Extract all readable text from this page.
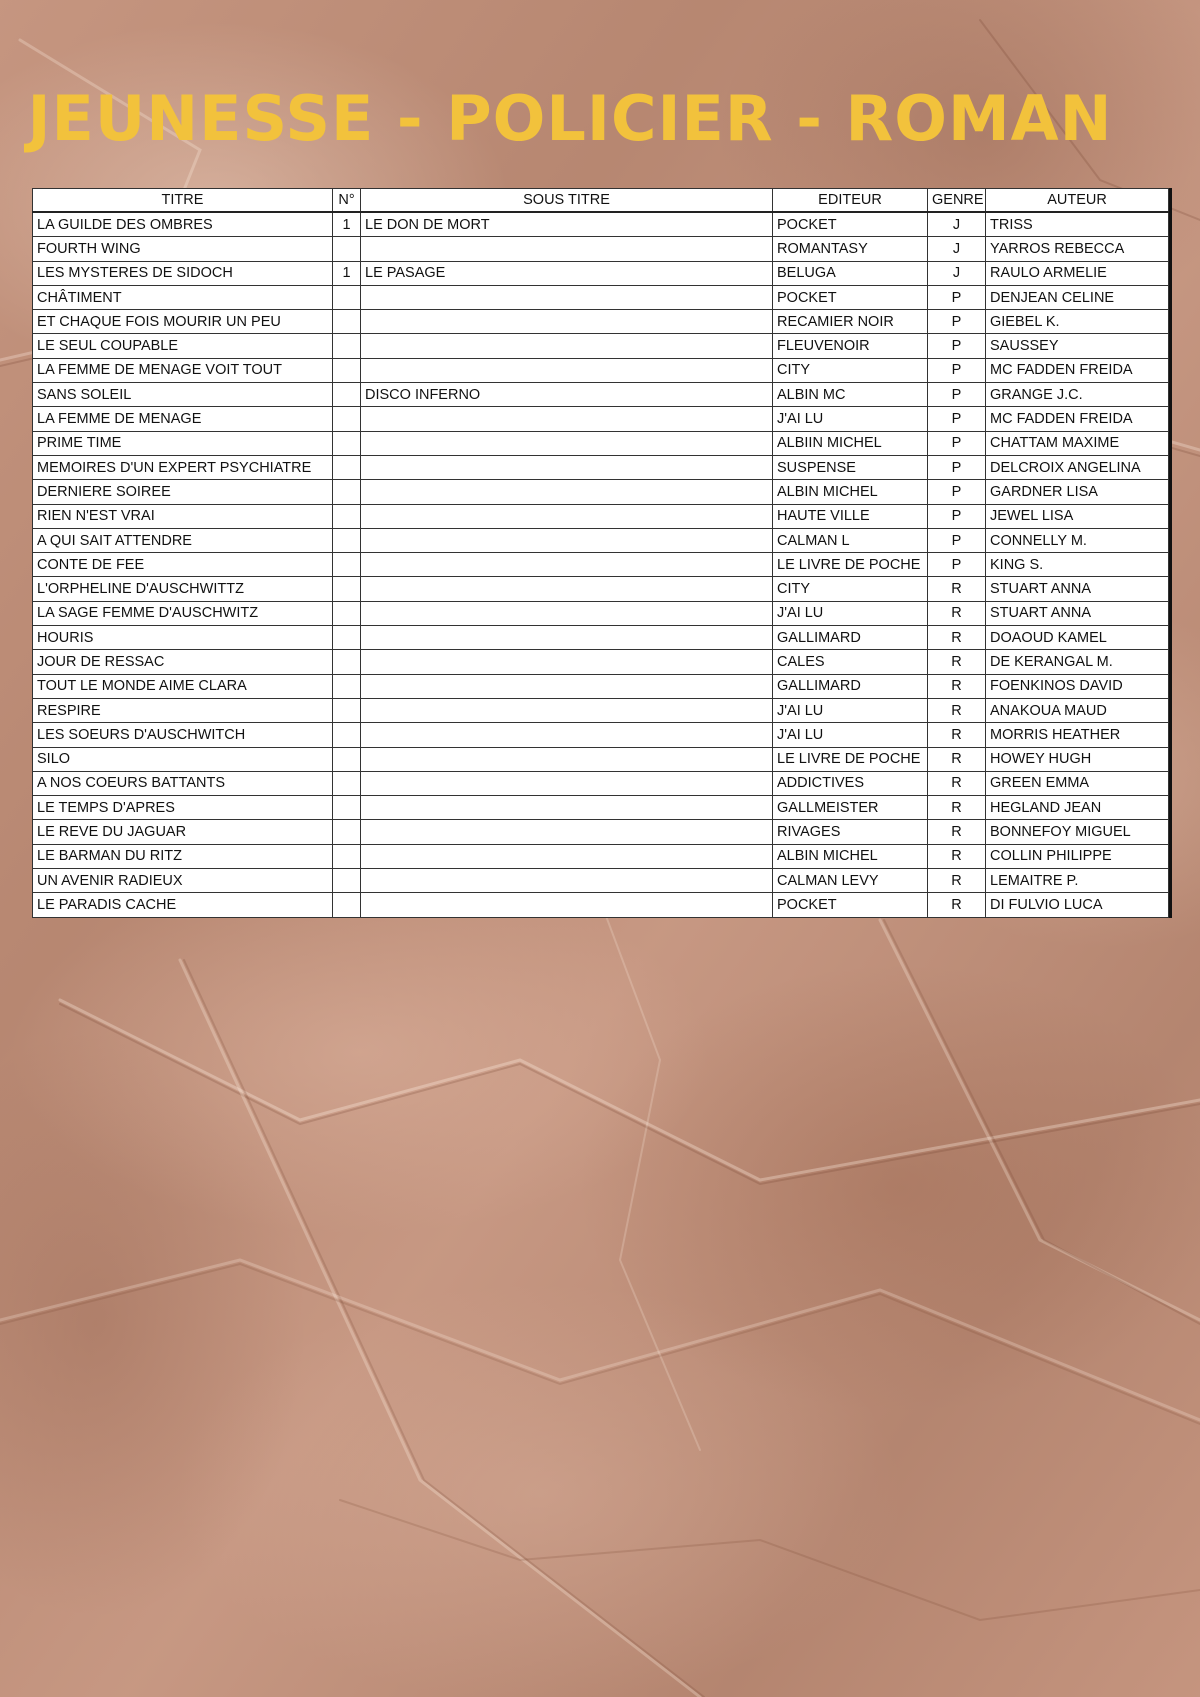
JEUNESSE - POLICIER - ROMAN
TITRE	N°	SOUS TITRE	EDITEUR	GENRE	AUTEUR
LA GUILDE DES OMBRES	1	LE DON DE MORT	POCKET	J	TRISS
FOURTH WING			ROMANTASY	J	YARROS REBECCA
LES MYSTERES DE SIDOCH	1	LE PASAGE	BELUGA	J	RAULO ARMELIE
CHÂTIMENT			POCKET	P	DENJEAN CELINE
ET CHAQUE FOIS MOURIR UN PEU			RECAMIER NOIR	P	GIEBEL K.
LE SEUL COUPABLE			FLEUVENOIR	P	SAUSSEY
LA FEMME DE MENAGE VOIT TOUT			CITY	P	MC FADDEN FREIDA
SANS SOLEIL		DISCO INFERNO	ALBIN MC	P	GRANGE J.C.
LA FEMME DE MENAGE			J'AI LU	P	MC FADDEN FREIDA
PRIME TIME			ALBIIN MICHEL	P	CHATTAM MAXIME
MEMOIRES D'UN EXPERT PSYCHIATRE			SUSPENSE	P	DELCROIX ANGELINA
DERNIERE SOIREE			ALBIN MICHEL	P	GARDNER LISA
RIEN N'EST VRAI			HAUTE VILLE	P	JEWEL LISA
A QUI SAIT ATTENDRE			CALMAN L	P	CONNELLY M.
CONTE DE FEE			LE LIVRE DE POCHE	P	KING S.
L'ORPHELINE D'AUSCHWITTZ			CITY	R	STUART ANNA
LA SAGE FEMME D'AUSCHWITZ			J'AI LU	R	STUART ANNA
HOURIS			GALLIMARD	R	DOAOUD KAMEL
JOUR DE RESSAC			CALES	R	DE KERANGAL M.
TOUT LE MONDE AIME CLARA			GALLIMARD	R	FOENKINOS DAVID
RESPIRE			J'AI LU	R	ANAKOUA MAUD
LES SOEURS D'AUSCHWITCH			J'AI LU	R	MORRIS HEATHER
SILO			LE LIVRE DE POCHE	R	HOWEY HUGH
A NOS COEURS BATTANTS			ADDICTIVES	R	GREEN EMMA
LE TEMPS D'APRES			GALLMEISTER	R	HEGLAND JEAN
LE REVE DU JAGUAR			RIVAGES	R	BONNEFOY MIGUEL
LE BARMAN DU RITZ			ALBIN MICHEL	R	COLLIN PHILIPPE
UN AVENIR RADIEUX			CALMAN LEVY	R	LEMAITRE P.
LE PARADIS CACHE			POCKET	R	DI FULVIO LUCA
